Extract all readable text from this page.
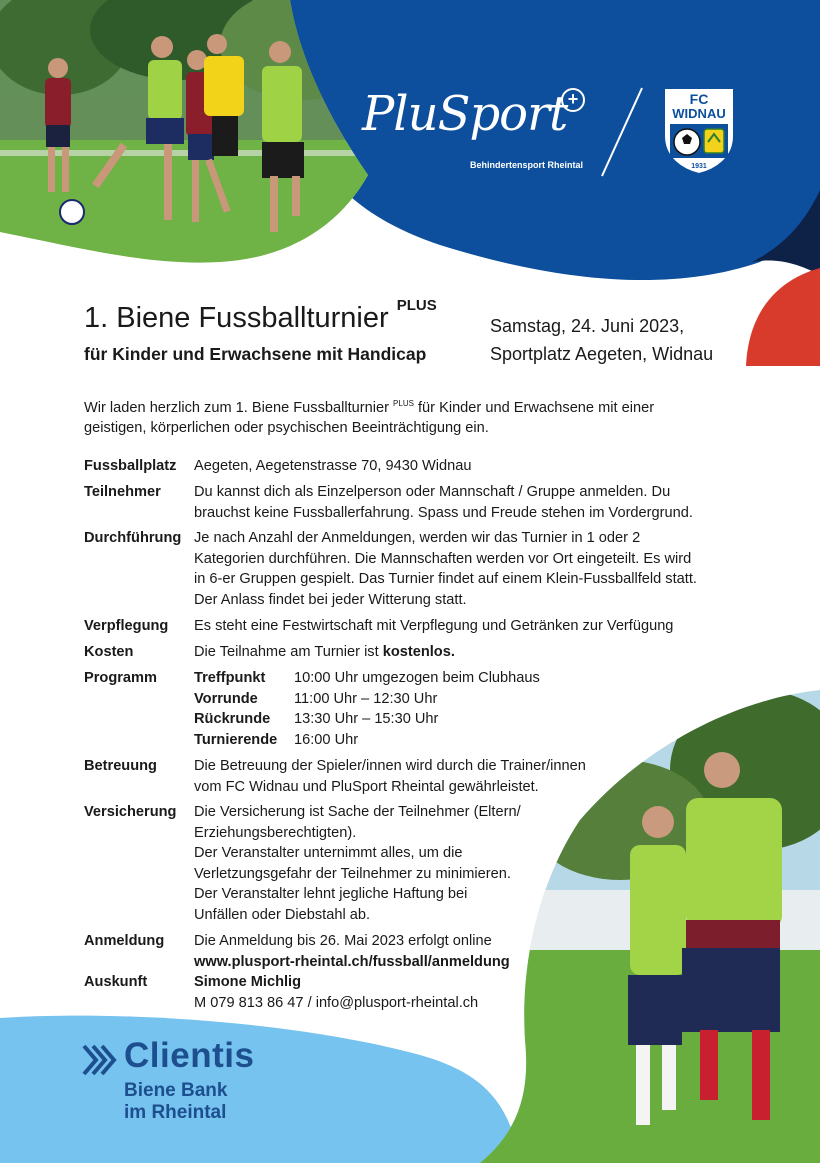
PluSport +
Behindertensport Rheintal
FC
WIDNAU
1931
1. Biene Fussballturnier $^{PLUS}$
für Kinder und Erwachsene mit Handicap
Samstag, 24. Juni 2023,
Sportplatz Aegeten, Widnau
Wir laden herzlich zum 1. Biene Fussballturnier $^{PLUS}$ für Kinder und Erwachsene mit einer
geistigen, körperlichen oder psychischen Beeinträchtigung ein.
Fussballplatz Aegeten, Aegetenstrasse 70, 9430 Widnau
Teilnehmer Du kannst dich als Einzelperson oder Mannschaft / Gruppe anmelden. Du
brauchst keine Fussballerfahrung. Spass und Freude stehen im Vordergrund.
Durchführung Je nach Anzahl der Anmeldungen, werden wir das Turnier in 1 oder 2
Kategorien durchführen. Die Mannschaften werden vor Ort eingeteilt. Es wird
in 6-er Gruppen gespielt. Das Turnier findet auf einem Klein-Fussballfeld statt.
Der Anlass findet bei jeder Witterung statt.
Verpflegung Es steht eine Festwirtschaft mit Verpflegung und Getränken zur Verfügung
Kosten	Die Teilnahme am Turnier ist kostenlos.
Programm	Treffpunkt 10:00 Uhr umgezogen beim Clubhaus
Vorrunde 11:00 Uhr – 12:30 Uhr
Rückrunde 13:30 Uhr – 15:30 Uhr
Turnierende 16:00 Uhr
Betreuung	Die Betreuung der Spieler/innen wird durch die Trainer/innen
vom FC Widnau und PluSport Rheintal gewährleistet.
Versicherung Die Versicherung ist Sache der Teilnehmer (Eltern/
Erziehungsberechtigten).
Der Veranstalter unternimmt alles, um die
Verletzungsgefahr der Teilnehmer zu minimieren.
Der Veranstalter lehnt jegliche Haftung bei
Unfällen oder Diebstahl ab.
Anmeldung Die Anmeldung bis 26. Mai 2023 erfolgt online
www.plusport-rheintal.ch/fussball/anmeldung
Auskunft	Simone Michlig
M 079 813 86 47 / info@plusport-rheintal.ch
Clientis
Biene Bank
im Rheintal
